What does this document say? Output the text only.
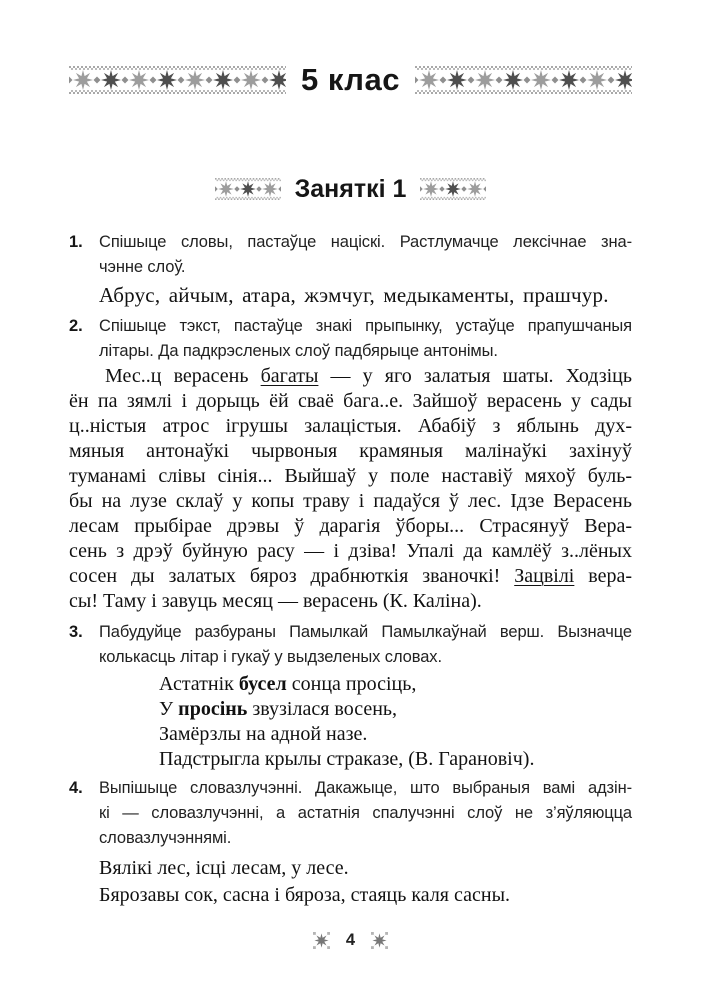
5 клас
Заняткі 1
1. Спішыце словы, пастаўце націскі. Растлумачце лексічнае зна-
чэнне слоў.
Абрус, айчым, атара, жэмчуг, медыкаменты, прашчур.
2. Спішыце тэкст, пастаўце знакі прыпынку, устаўце прапушчаныя
літары. Да падкрэсленых слоў падбярыце антонімы.
Мес..ц верасень багаты — у яго залатыя шаты. Ходзіць
ён па зямлі і дорыць ёй сваё бага..е. Зайшоў верасень у сады
ц..ністыя атрос ігрушы залацістыя. Абабіў з яблынь дух-
мяныя антонаўкі чырвоныя крамяныя малінаўкі захінуў
туманамі слівы сінія... Выйшаў у поле наставіў мяхоў буль-
бы на лузе склаў у копы траву і падаўся ў лес. Ідзе Верасень
лесам прыбірае дрэвы ў дарагія ўборы... Страсянуў Вера-
сень з дрэў буйную расу — і дзіва! Упалі да камлёў з..лёных
сосен ды залатых бяроз драбнюткія званочкі! Зацвілі вера-
сы! Таму і завуць месяц — верасень (К. Каліна).
3. Пабудуйце разбураны Памылкай Памылкаўнай верш. Вызначце
колькасць літар і гукаў у выдзеленых словах.
Астатнік бусел сонца просіць,
У просінь звузілася восень,
Замёрзлы на адной назе.
Падстрыгла крылы страказе, (В. Гарановіч).
4. Выпішыце словазлучэнні. Дакажыце, што выбраныя вамі адзін-
кі — словазлучэнні, а астатнія спалучэнні слоў не з’яўляюцца
словазлучэннямі.
Вялікі лес, ісці лесам, у лесе.
Бярозавы сок, сасна і бяроза, стаяць каля сасны.
4
